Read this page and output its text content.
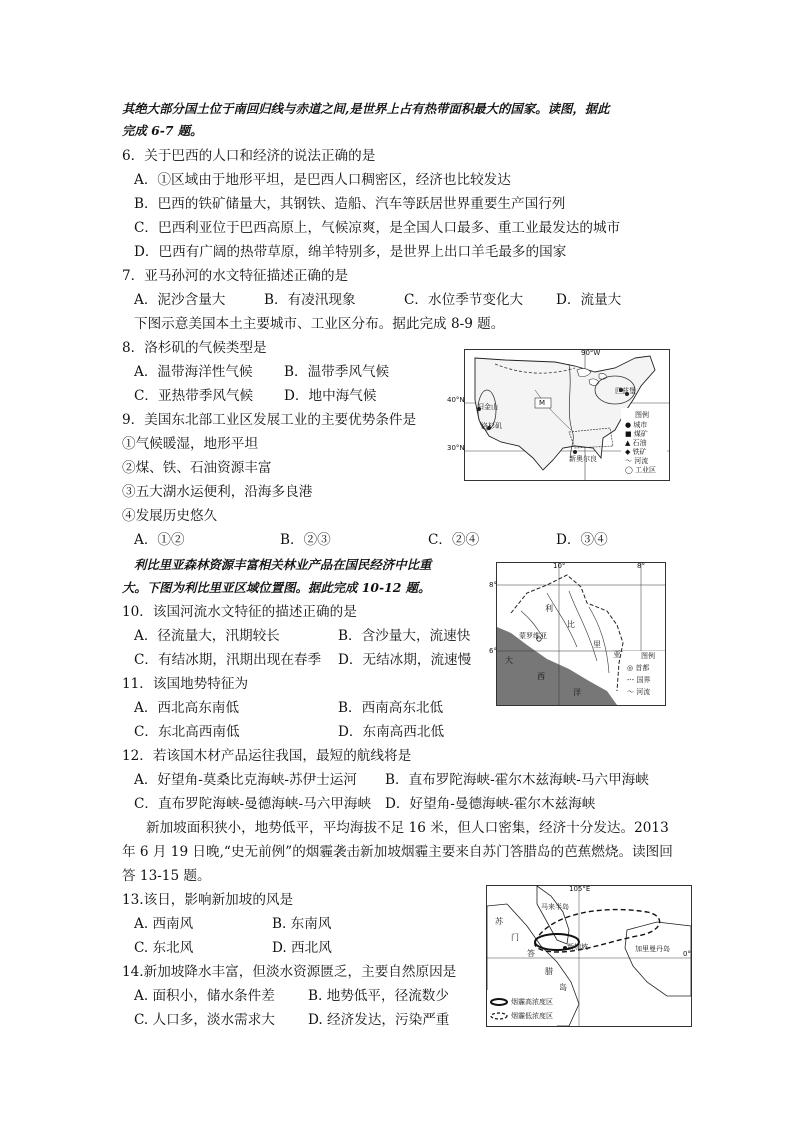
其绝大部分国土位于南回归线与赤道之间,是世界上占有热带面积最大的国家。读图，据此
完成 6-7 题。
6．关于巴西的人口和经济的说法正确的是
A．①区域由于地形平坦，是巴西人口稠密区，经济也比较发达
B．巴西的铁矿储量大，其钢铁、造船、汽车等跃居世界重要生产国行列
C．巴西利亚位于巴西高原上，气候凉爽，是全国人口最多、重工业最发达的城市
D．巴西有广阔的热带草原，绵羊特别多，是世界上出口羊毛最多的国家
7．亚马孙河的水文特征描述正确的是
A．泥沙含量大	B．有凌汛现象	C．水位季节变化大 D．流量大
下图示意美国本土主要城市、工业区分布。据此完成 8-9 题。
8．洛杉矶的气候类型是
A．温带海洋性气候 B．温带季风气候
C．亚热带季风气候 D．地中海气候
9．美国东北部工业区发展工业的主要优势条件是
①气候暖湿，地形平坦
②煤、铁、石油资源丰富
③五大湖水运便利，沿海多良港
④发展历史悠久
A．①②	B．②③	C．②④	D．③④
利比里亚森林资源丰富相关林业产品在国民经济中比重
大。下图为利比里亚区域位置图。据此完成 10-12 题。
10．该国河流水文特征的描述正确的是
A．径流量大，汛期较长	B．含沙量大，流速快
C．有结冰期，汛期出现在春季 D．无结冰期，流速慢
11．该国地势特征为
A．西北高东南低	B．西南高东北低
C．东北高西南低	D．东南高西北低
12．若该国木材产品运往我国，最短的航线将是
A．好望角-莫桑比克海峡-苏伊士运河 B．直布罗陀海峡-霍尔木兹海峡-马六甲海峡
C．直布罗陀海峡-曼德海峡-马六甲海峡 D．好望角-曼德海峡-霍尔木兹海峡
新加坡面积狭小，地势低平，平均海拔不足 16 米，但人口密集，经济十分发达。2013
年 6 月 19 日晚,“史无前例”的烟霾袭击新加坡烟霾主要来自苏门答腊岛的芭蕉燃烧。读图回
答 13-15 题。
13.该日，影响新加坡的风是
A. 西南风	B. 东南风
C. 东北风	D. 西北风
14.新加坡降水丰富，但淡水资源匮乏，主要自然原因是
A. 面积小，储水条件差 B. 地势低平，径流数少
C. 人口多，淡水需求大 D. 经济发达，污染严重
90°W
40°N
30°N
旧金山
洛杉矶
新奥尔良
匹兹堡
M
图例
● 城市
■ 煤矿
▲ 石油
◆ 铁矿
〜 河流
◯ 工业区
10°	8°
8°
6°
利
比
里
亚
蒙罗维亚
大
西
洋
图例
◎ 首都
-·- 国界
〜 河流
105°E
0°
马来半岛
苏
门
答
腊
岛
新加坡	加里曼丹岛
烟霾高浓度区
烟霾低浓度区
